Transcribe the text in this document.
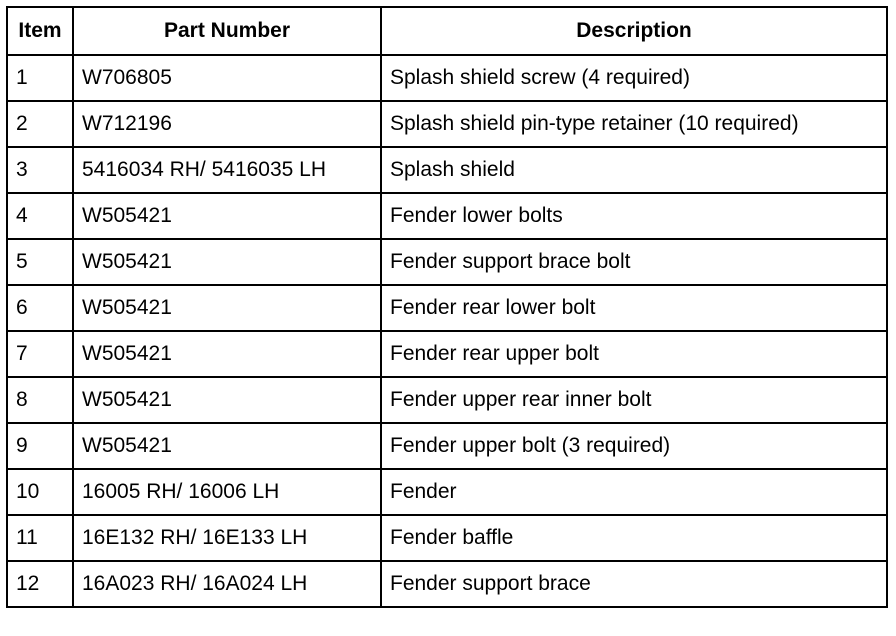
Item	Part Number	Description
1	W706805	Splash shield screw (4 required)
2	W712196	Splash shield pin-type retainer (10 required)
3	5416034 RH/ 5416035 LH	Splash shield
4	W505421	Fender lower bolts
5	W505421	Fender support brace bolt
6	W505421	Fender rear lower bolt
7	W505421	Fender rear upper bolt
8	W505421	Fender upper rear inner bolt
9	W505421	Fender upper bolt (3 required)
10	16005 RH/ 16006 LH	Fender
11	16E132 RH/ 16E133 LH	Fender baffle
12	16A023 RH/ 16A024 LH	Fender support brace
